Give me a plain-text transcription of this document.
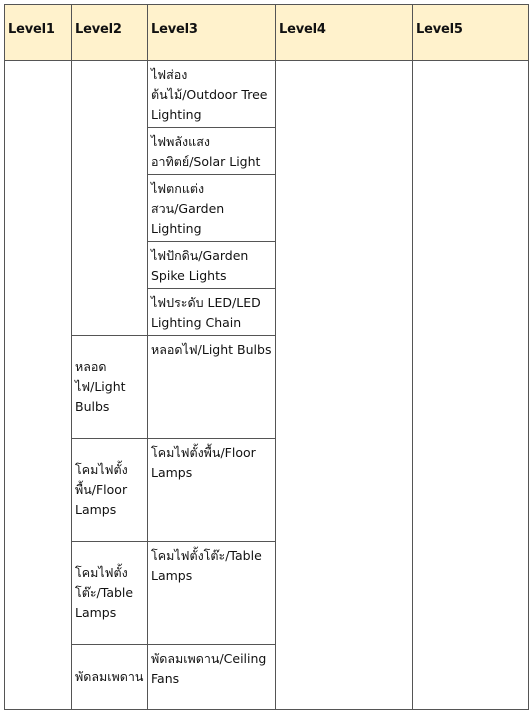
Level1	Level2	Level3	Level4	Level5

		ไฟส่องต้นไม้/Outdoor Tree Lighting		

		ไฟพลังแสงอาทิตย์/Solar Light		

		ไฟตกแต่งสวน/Garden Lighting		

		ไฟปักดิน/Garden Spike Lights		

		ไฟประดับ LED/LED Lighting Chain		

	หลอดไฟ/Light Bulbs	หลอดไฟ/Light Bulbs		

	โคมไฟตั้งพื้น/Floor Lamps	โคมไฟตั้งพื้น/Floor Lamps		

	โคมไฟตั้งโต๊ะ/Table Lamps	โคมไฟตั้งโต๊ะ/Table Lamps		

	พัดลมเพดาน	พัดลมเพดาน/Ceiling Fans		
